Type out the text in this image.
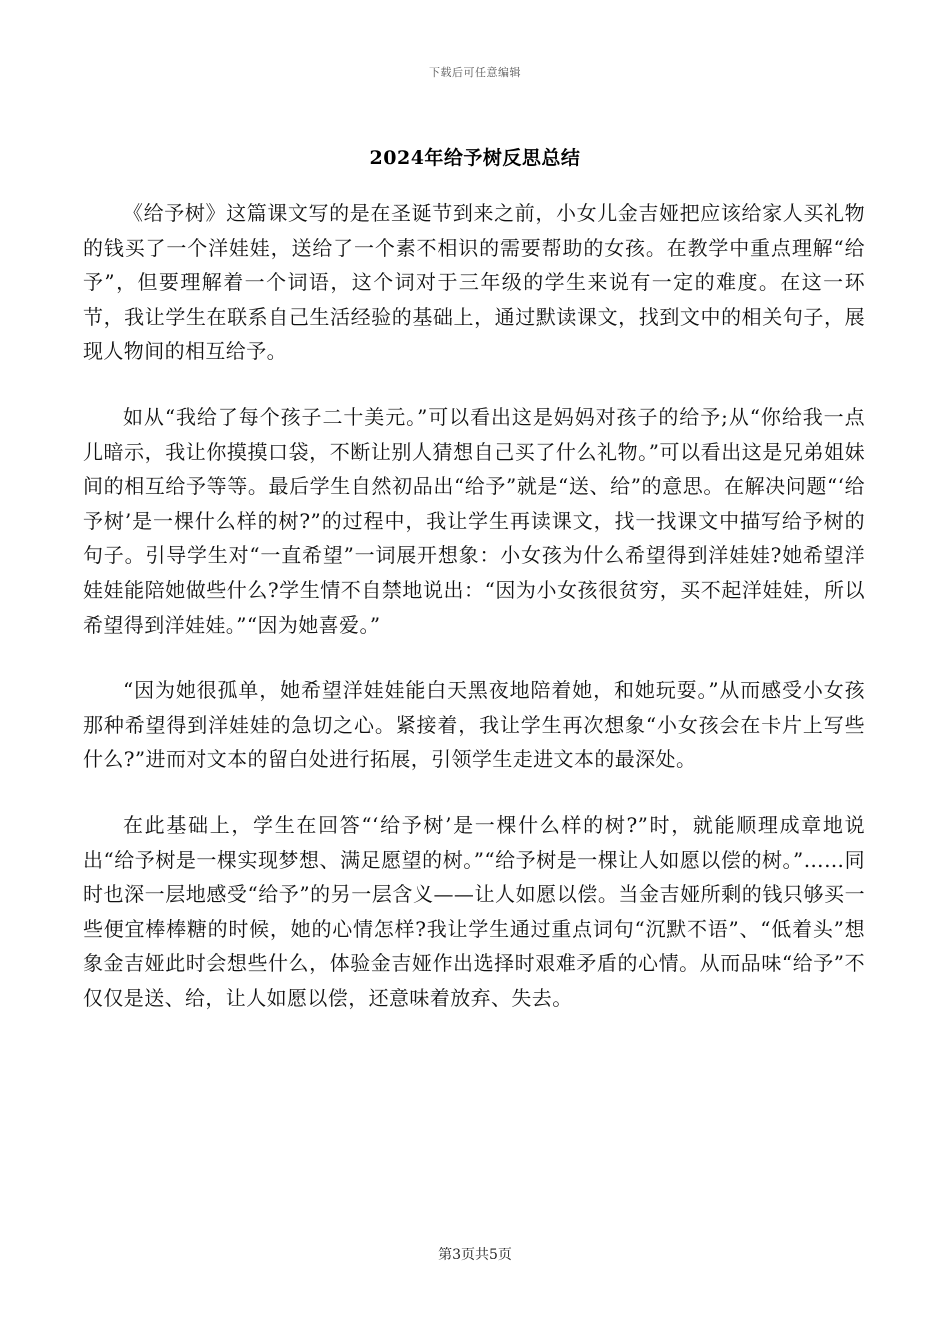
下载后可任意编辑
2024年给予树反思总结

《给予树》这篇课文写的是在圣诞节到来之前，小女儿金吉娅把应该给家人买礼物的钱买了一个洋娃娃，送给了一个素不相识的需要帮助的女孩。在教学中重点理解“给予”，但要理解着一个词语，这个词对于三年级的学生来说有一定的难度。在这一环节，我让学生在联系自己生活经验的基础上，通过默读课文，找到文中的相关句子，展现人物间的相互给予。

如从“我给了每个孩子二十美元。”可以看出这是妈妈对孩子的给予;从“你给我一点儿暗示，我让你摸摸口袋，不断让别人猜想自己买了什么礼物。”可以看出这是兄弟姐妹间的相互给予等等。最后学生自然初品出“给予”就是“送、给”的意思。在解决问题“‘给予树’是一棵什么样的树?”的过程中，我让学生再读课文，找一找课文中描写给予树的句子。引导学生对“一直希望”一词展开想象：小女孩为什么希望得到洋娃娃?她希望洋娃娃能陪她做些什么?学生情不自禁地说出：“因为小女孩很贫穷，买不起洋娃娃，所以希望得到洋娃娃。”“因为她喜爱。”

“因为她很孤单，她希望洋娃娃能白天黑夜地陪着她，和她玩耍。”从而感受小女孩那种希望得到洋娃娃的急切之心。紧接着，我让学生再次想象“小女孩会在卡片上写些什么?”进而对文本的留白处进行拓展，引领学生走进文本的最深处。

在此基础上，学生在回答“‘给予树’是一棵什么样的树?”时，就能顺理成章地说出“给予树是一棵实现梦想、满足愿望的树。”“给予树是一棵让人如愿以偿的树。”……同时也深一层地感受“给予”的另一层含义——让人如愿以偿。当金吉娅所剩的钱只够买一些便宜棒棒糖的时候，她的心情怎样?我让学生通过重点词句“沉默不语”、“低着头”想象金吉娅此时会想些什么，体验金吉娅作出选择时艰难矛盾的心情。从而品味“给予”不仅仅是送、给，让人如愿以偿，还意味着放弃、失去。

第3页共5页
